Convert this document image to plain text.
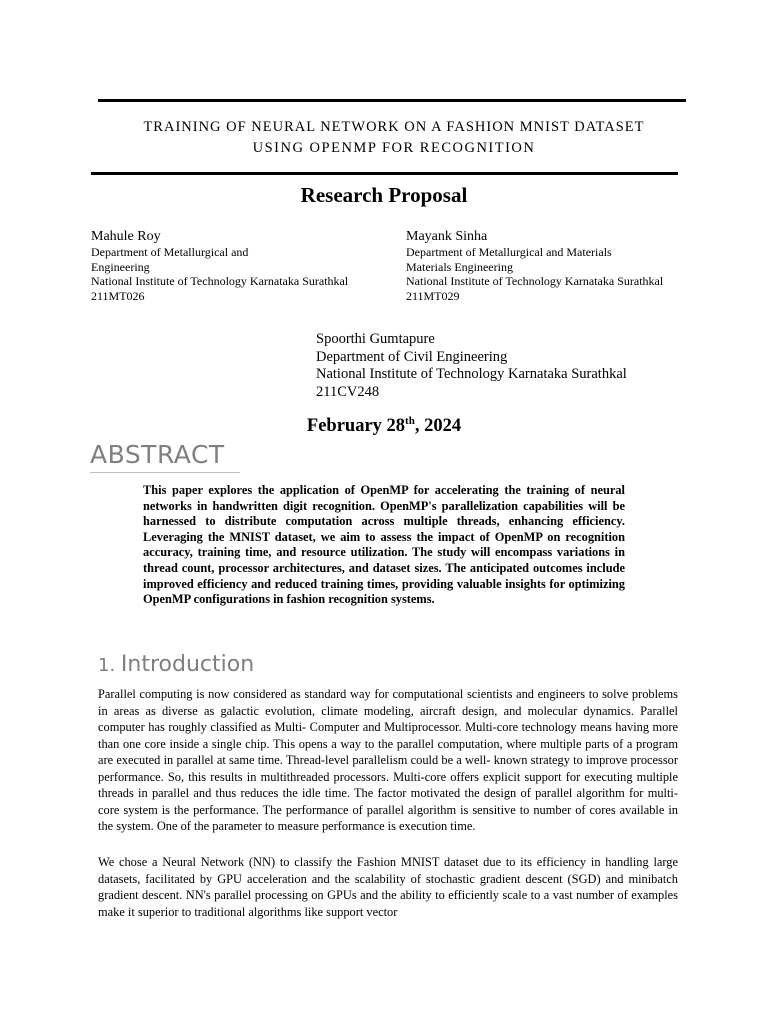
TRAINING OF NEURAL NETWORK ON A FASHION MNIST DATASET
USING OPENMP FOR RECOGNITION
Research Proposal
Mahule Roy
Department of Metallurgical and
Engineering
National Institute of Technology Karnataka Surathkal
211MT026
Mayank Sinha
Department of Metallurgical and Materials
Materials Engineering
National Institute of Technology Karnataka Surathkal
211MT029
Spoorthi Gumtapure
Department of Civil Engineering
National Institute of Technology Karnataka Surathkal
211CV248
February 28th, 2024
ABSTRACT
This paper explores the application of OpenMP for accelerating the training of neural networks in handwritten digit recognition. OpenMP's parallelization capabilities will be harnessed to distribute computation across multiple threads, enhancing efficiency. Leveraging the MNIST dataset, we aim to assess the impact of OpenMP on recognition accuracy, training time, and resource utilization. The study will encompass variations in thread count, processor architectures, and dataset sizes. The anticipated outcomes include improved efficiency and reduced training times, providing valuable insights for optimizing OpenMP configurations in fashion recognition systems.
1. Introduction

Parallel computing is now considered as standard way for computational scientists and engineers to solve problems in areas as diverse as galactic evolution, climate modeling, aircraft design, and molecular dynamics. Parallel computer has roughly classified as Multi- Computer and Multiprocessor. Multi-core technology means having more than one core inside a single chip. This opens a way to the parallel computation, where multiple parts of a program are executed in parallel at same time. Thread-level parallelism could be a well- known strategy to improve processor performance. So, this results in multithreaded processors. Multi-core offers explicit support for executing multiple threads in parallel and thus reduces the idle time. The factor motivated the design of parallel algorithm for multi-core system is the performance. The performance of parallel algorithm is sensitive to number of cores available in the system. One of the parameter to measure performance is execution time.

We chose a Neural Network (NN) to classify the Fashion MNIST dataset due to its efficiency in handling large datasets, facilitated by GPU acceleration and the scalability of stochastic gradient descent (SGD) and minibatch gradient descent. NN's parallel processing on GPUs and the ability to efficiently scale to a vast number of examples make it superior to traditional algorithms like support vector
